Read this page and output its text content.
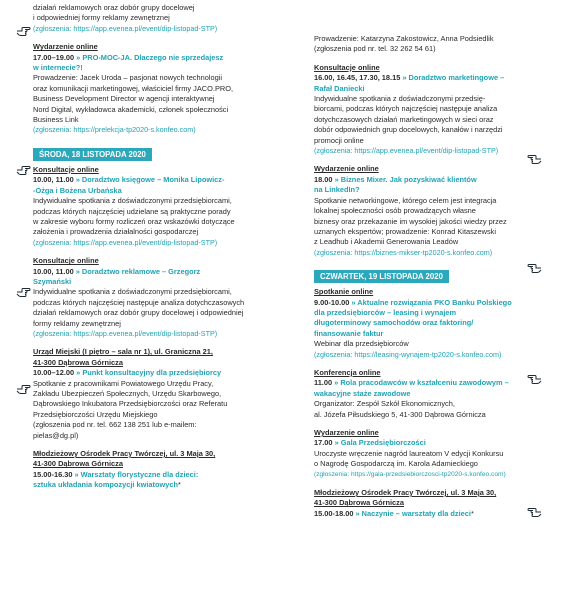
działań reklamowych oraz dobór grupy docelowej
i odpowiedniej formy reklamy zewnętrznej
(zgłoszenia: https://app.evenea.pl/event/dip-listopad-STP)
Wydarzenie online
17.00–19.00 » PRO-MOC-JA. Dlaczego nie sprzedajesz
w internecie?!
Prowadzenie: Jacek Uroda – pasjonat nowych technologii
oraz komunikacji marketingowej, właściciel firmy JACO.PRO,
Business Development Director w agencji interaktywnej
Nord Digital, wykładowca akademicki, członek społeczności
Business Link
(zgłoszenia: https://prelekcja-tp2020-s.konfeo.com)
ŚRODA, 18 LISTOPADA 2020
Konsultacje online
10.00, 11.00 » Doradztwo księgowe – Monika Lipowicz-
-Ożga i Bożena Urbańska
Indywidualne spotkania z doświadczonymi przedsiębiorcami,
podczas których najczęściej udzielane są praktyczne porady
w zakresie wyboru formy rozliczeń oraz wskazówki dotyczące
założenia i prowadzenia działalności gospodarczej
(zgłoszenia: https://app.evenea.pl/event/dip-listopad-STP)
Konsultacje online
10.00, 11.00 » Doradztwo reklamowe – Grzegorz
Szymański
Indywidualne spotkania z doświadczonymi przedsiębiorcami,
podczas których najczęściej następuje analiza dotychczasowych
działań reklamowych oraz dobór grupy docelowej i odpowiedniej
formy reklamy zewnętrznej
(zgłoszenia: https://app.evenea.pl/event/dip-listopad-STP)
Urząd Miejski (I piętro – sala nr 1), ul. Graniczna 21,
41-300 Dąbrowa Górnicza
10.00–12.00 » Punkt konsultacyjny dla przedsiębiorcy
Spotkanie z pracownikami Powiatowego Urzędu Pracy,
Zakładu Ubezpieczeń Społecznych, Urzędu Skarbowego,
Dąbrowskiego Inkubatora Przedsiębiorczości oraz Referatu
Przedsiębiorczości Urzędu Miejskiego
(zgłoszenia pod nr. tel. 662 138 251 lub e-mailem:
pielas@dg.pl)
Młodzieżowy Ośrodek Pracy Twórczej, ul. 3 Maja 30,
41-300 Dąbrowa Górnicza
15.00-16.30 » Warsztaty florystyczne dla dzieci:
sztuka układania kompozycji kwiatowych*
Prowadzenie: Katarzyna Zakostowicz, Anna Podsiedlik
(zgłoszenia pod nr. tel. 32 262 54 61)
Konsultacje online
16.00, 16.45, 17.30, 18.15 » Doradztwo marketingowe –
Rafał Daniecki
Indywidualne spotkania z doświadczonymi przedsię-
biorcami, podczas których najczęściej następuje analiza
dotychczasowych działań marketingowych w sieci oraz
dobór odpowiednich grup docelowych, kanałów i narzędzi
promocji online
(zgłoszenia: https://app.evenea.pl/event/dip-listopad-STP)
Wydarzenie online
18.00 » Biznes Mixer. Jak pozyskiwać klientów
na LinkedIn?
Spotkanie networkingowe, którego celem jest integracja
lokalnej społeczności osób prowadzących własne
biznesy oraz przekazanie im wysokiej jakości wiedzy przez
uznanych ekspertów; prowadzenie: Konrad Kitaszewski
z Leadhub i Akademii Generowania Leadów
(zgłoszenia: https://biznes-mikser-tp2020-s.konfeo.com)
CZWARTEK, 19 LISTOPADA 2020
Spotkanie online
9.00-10.00 » Aktualne rozwiązania PKO Banku Polskiego
dla przedsiębiorców – leasing i wynajem
długoterminowy samochodów oraz faktoring/
finansowanie faktur
Webinar dla przedsiębiorców
(zgłoszenia: https://leasing-wynajem-tp2020-s.konfeo.com)
Konferencja online
11.00 » Rola pracodawców w kształceniu zawodowym –
wakacyjne staże zawodowe
Organizator: Zespół Szkół Ekonomicznych,
al. Józefa Piłsudskiego 5, 41-300 Dąbrowa Górnicza
Wydarzenie online
17.00 » Gala Przedsiębiorczości
Uroczyste wręczenie nagród laureatom V edycji Konkursu
o Nagrodę Gospodarczą im. Karola Adamieckiego
(zgłoszenia: https://gala-przedsiebiorczosci-tp2020-s.konfeo.com)
Młodzieżowy Ośrodek Pracy Twórczej, ul. 3 Maja 30,
41-300 Dąbrowa Górnicza
15.00-18.00 » Naczynie – warsztaty dla dzieci*
